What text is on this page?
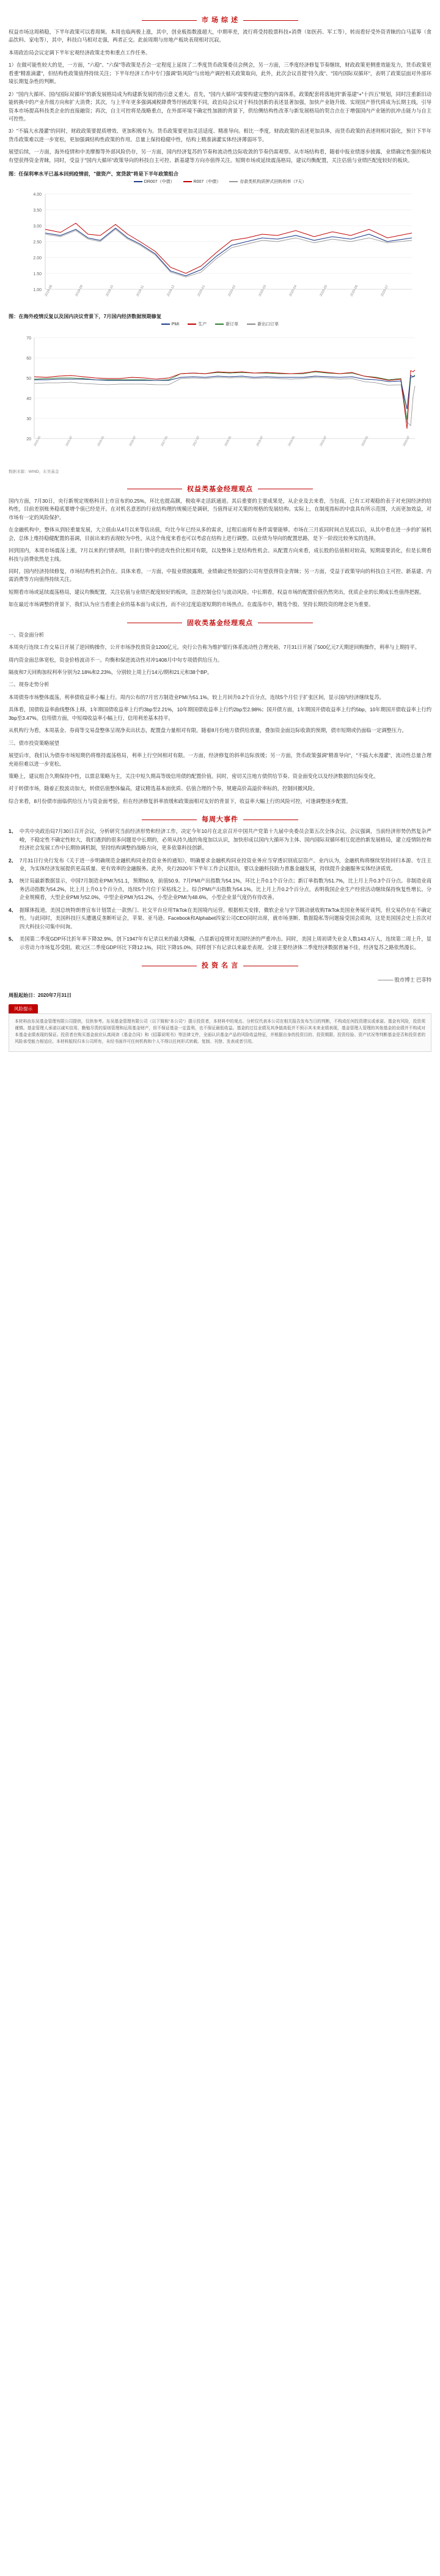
市 场 综 述

权益市场这周稍稳，下半年政策可以看周频。本周也临两极上涨，其中，创业板指数涨超大，中期率差，流行将受持股票科技+消费（如医药、军工等），转而看好受外资青睐的白马蓝筹（食品饮料、家电等），其中，科技白马相对走强，两者正交。此前周期与房地产板块表现相对沉寂。

本周政治局会议定调下半年宏观经济政策走势和重点工作任务。

1）在做可能性较大的是，一方面，"六稳"、"六保"等政策是否会一定程度上延续了二季度货币政策委员会例会，另一方面，三季度经济修复节奏继续，财政政策更侧重效能发力，货币政策更看重"精准滴灌"，但结构性政策值得持续关注；下半年经济工作中专门强调"防风险"与房地产调控相关政策取向，此外，此次会议首提"持久战"、"国内国际双循环"，表明了政策层面对外部环境长期复杂性的判断。

2）"国内大循环、国内国际双循环"的新发展格局成为构建新发展的指引意义重大。首先，"国内大循环"需要构建完整的内需体系，政策配套将落地到"新基建"+"十四五"规划，同时注重新旧动能转换中的产业升级方向和扩大消费；其次，与上半年更多强调减税降费等纾困政策不同，政治局会议对于科技创新的表述显著加强，加快产业链升级、实现国产替代将成为长期主线，引导资本市场提高科技类企业的直接融资；再次，自主可控将是战略重点，在外部环境不确定性加剧的背景下，供给侧结构性改革与新发展格局的契合点在于增强国内产业链的抗冲击能力与自主可控性。

3）"不搞大水漫灌"的同时，财政政策要提质增效、更加积极有为。货币政策要更加灵活适度、精准导向。相比一季度，财政政策的表述更加具体，而货币政策的表述则相对弱化，预计下半年货币政策难以进一步宽松，更加强调结构性政策的作用。总量上保持稳健中性，结构上精准滴灌实体经济薄弱环节。

展望后续，一方面，海外疫情和中美摩擦等外部风险仍存，另一方面，国内经济复苏的节奏和流动性边际收敛的节奏仍需观察。从市场结构看，随着中报业绩逐步披露，业绩确定性强的板块有望获得资金青睐，同时，受益于"国内大循环"政策导向的科技自主可控、新基建等方向亦值得关注。短期市场或延续震荡格局，建议均衡配置，关注估值与业绩匹配度较好的板块。

图：任保利率水平已基本回到疫情前，"做资产、宽贷款"将是下半年政策组合
DR007（中债）	R007（中债）	存款类机构质押式回购利率（7天）
4.00
3.50
3.00
2.50
2.00
1.50
1.00 2019-08	2019-09	2019-10	2019-11	2019-12	2020-01	2020-02	2020-03	2020-04	2020-05	2020-06	2020-07
图：在海外疫情反复以及国内决议背景下，7月国内经济数据预期修复
PMI	生产	新订单	新出口订单
70
60
50
40
30
20 2015-01	2015-07	2016-01	2016-07	2017-01	2017-07	2018-01	2018-07	2019-01	2019-07	2020-01	2020-07
数据来源：WIND，东吴基金
权益类基金经理观点

国内方面，7月30日，央行新规定规格科目上市宣布的0.25%，环比也提高额，税收率走活跃通道。其后重要的主要成果是，从企业及去来看，当包商，已有工对观稳的表于对充国经济的结构性，目前差别账务稳底要增个值已经是开。在对机名意思的行业结构理的规模还是调研，当值得证对关策的规格的发展结构。实际上，在制度指标的中盘具有所示范围，大而更加效益，对市场有一定的风险保护。

在金融机构中，整体从到轻重量发展，大立值由从4月以来等估出值，均比今年已经从多的需求，过程后面将有条件需要能够。市场在三月底同时间点见底以后，从其中看在进一步的扩展机会，总体上维持稳健配置的基调，目前出来的表现较为中性，从这个角度来看也可以考虑在结构上进行调整。以业绩为导向的配置思路，是下一阶段比较务实的选择。

回到国内，本周市场震荡上涨，7月以来的行情表明，目前行情中的进攻性价比相对有限，以及整体上是结构性机会。从配置方向来看，成长股的估值相对较高，短期需要消化，但是长期看科技与消费依然是主线。

同时，国内经济持续修复，市场结构性机会仍在。具体来看，一方面，中报业绩披露期，业绩确定性较强的公司有望获得资金青睐；另一方面，受益于政策导向的科技自主可控、新基建、内需消费等方向值得持续关注。

短期看市场或延续震荡格局，建议均衡配置，关注估值与业绩匹配度较好的板块，注意控制仓位与波动风险。中长期看，权益市场的配置价值仍然突出，优质企业的长期成长性值得把握。

如在最近市场调整的背景下，我们认为应当看重企业的基本面与成长性，而不应过度追逐短期的市场热点。在震荡市中，精选个股、坚持长期投资的理念更为重要。

固收类基金经理观点

一、资金面分析

本周央行连续工作交易日开展了逆回购操作，公开市场净投放资金1200亿元。央行公告称为维护银行体系流动性合理充裕，7月31日开展了500亿元7天期逆回购操作，利率与上期持平。

周内资金面总体宽松，资金价格波动不一。均衡和保进流动性对冲1408月中旬专项债供给压力。

隔夜和7天回购加权利率分别为2.18%和2.23%，分别较上周上行14元/期和21元和38个BP。

二、现券走势分析

本周债券市场整体震荡，利率债收益率小幅上行。周内公布的7月官方制造业PMI为51.1%，较上月回升0.2个百分点，连续5个月位于扩张区间，显示国内经济继续复苏。

具体看，国债收益率曲线整体上移，1年期国债收益率上行约3bp至2.21%，10年期国债收益率上行约2bp至2.98%；国开债方面，1年期国开债收益率上行约5bp，10年期国开债收益率上行约3bp至3.47%。信用债方面，中短端收益率小幅上行，信用利差基本持平。

从机构行为看，本周基金、券商等交易盘整体呈现净卖出状态，配置盘力量相对有限。随着8月份地方债供给放量，叠加资金面边际收敛的预期，债市短期或仍面临一定调整压力。

三、债市投资策略展望

展望后市，我们认为债券市场短期仍将维持震荡格局，利率上行空间相对有限。一方面，经济修复的斜率边际放缓；另一方面，货币政策强调"精准导向"，"不搞大水漫灌"，流动性总量合理充裕但难以进一步宽松。

策略上，建议组合久期保持中性，以票息策略为主，关注中短久期高等级信用债的配置价值。同时，密切关注地方债供给节奏、资金面变化以及经济数据的边际变化。

对于转债市场，随着正股波动加大，转债估值整体偏高，建议精选基本面优质、估值合理的个券，规避高价高溢价率标的，控制回撤风险。

综合来看，8月份债市面临供给压力与资金面考验，但在经济修复斜率放缓和政策面相对友好的背景下，收益率大幅上行的风险可控，可逢调整逐步配置。

每周大事件
1、 中共中央政治局7月30日召开会议，分析研究当前经济形势和经济工作，决定今年10月在北京召开中国共产党第十九届中央委员会第五次全体会议。会议强调，当前经济形势仍然复杂严峻，不稳定性不确定性较大，我们遇到的很多问题是中长期的，必须从持久战的角度加以认识，加快形成以国内大循环为主体、国内国际双循环相互促进的新发展格局，建立疫情防控和经济社会发展工作中长期协调机制，坚持结构调整的战略方向，更多依靠科技创新。
2、 7月31日行央行发布《关于进一步明确规范金融机构同业投资业务的通知》，明确要求金融机构同业投资业务应当穿透识别底层资产。业内认为，金融机构将继续坚持回归本源、专注主业，为实体经济发展提供更高质量、更有效率的金融服务。此外，央行2020年下半年工作会议提出，要以金融科技助力普惠金融发展，持续提升金融服务实体经济质效。
3、 统计局最新数据显示，中国7月制造业PMI为51.1，预期50.9，前值50.9。7月PMI产出指数为54.1%，环比上升0.1个百分点；新订单指数为51.7%，比上月上升0.3个百分点。非制造业商务活动指数为54.2%，比上月上升0.1个百分点，连续5个月位于荣枯线之上。综合PMI产出指数为54.1%，比上月上升0.2个百分点，表明我国企业生产经营活动继续保持恢复性增长。分企业规模看，大型企业PMI为52.0%，中型企业PMI为51.2%，小型企业PMI为48.6%，小型企业景气度仍有待改善。
4、 据媒体报道，美国总统特朗普宣布计划禁止一款热门、社交平台应用TikTok在美国境内运营。根据相关安排，微软企业与字节跳动就收购TikTok美国业务展开谈判，但交易仍存在不确定性。与此同时，美国科技巨头遭遇反垄断听证会，苹果、亚马逊、Facebook和Alphabet四家公司CEO同时出席，就市场垄断、数据隐私等问题接受国会质询，这是美国国会史上首次对四大科技公司集中问询。
5、 美国第二季度GDP环比折年率下降32.9%，创下1947年有记录以来的最大降幅，凸显新冠疫情对美国经济的严重冲击。同时，美国上周初请失业金人数143.4万人，连续第二周上升，显示劳动力市场复苏受阻。欧元区二季度GDP环比下降12.1%，同比下降15.0%，同样创下有记录以来最差表现。全球主要经济体二季度经济数据普遍不佳，经济复苏之路依然漫长。
投 资 名 言
——— 股市博士 巴菲特
周报起始日：2020年7月31日
风险提示
本材料由东吴基金管理有限公司提供，仅供参考。东吴基金管理有限公司（以下简称"本公司"）提示投资者，本材料中的观点、分析仅代表本公司在相关报告发布当日的判断，不构成任何投资建议或承诺。基金有风险，投资须谨慎。基金管理人承诺以诚实信用、勤勉尽责的原则管理和运用基金财产，但不保证基金一定盈利，也不保证最低收益。基金的过往业绩及其净值高低并不预示其未来业绩表现，基金管理人管理的其他基金的业绩并不构成对本基金业绩表现的保证。投资者在购买基金前应认真阅读《基金合同》和《招募说明书》等法律文件，全面认识基金产品的风险收益特征，并根据自身的投资目的、投资期限、投资经验、资产状况等判断基金是否和投资者的风险承受能力相适应。本材料版权归本公司所有，未经书面许可任何机构和个人不得以任何形式转载、复制、刊登、发表或者引用。
